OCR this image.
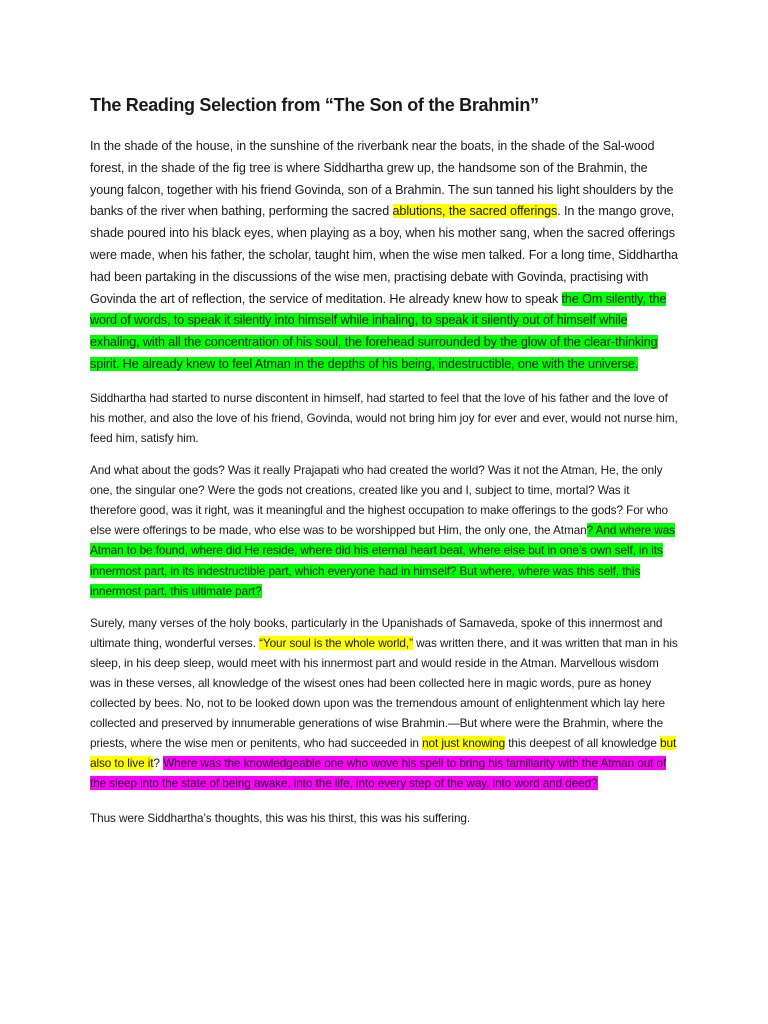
The Reading Selection from “The Son of the Brahmin”

In the shade of the house, in the sunshine of the riverbank near the boats, in the shade of the Sal-wood forest, in the shade of the fig tree is where Siddhartha grew up, the handsome son of the Brahmin, the young falcon, together with his friend Govinda, son of a Brahmin. The sun tanned his light shoulders by the banks of the river when bathing, performing the sacred ablutions, the sacred offerings. In the mango grove, shade poured into his black eyes, when playing as a boy, when his mother sang, when the sacred offerings were made, when his father, the scholar, taught him, when the wise men talked. For a long time, Siddhartha had been partaking in the discussions of the wise men, practising debate with Govinda, practising with Govinda the art of reflection, the service of meditation. He already knew how to speak the Om silently, the word of words, to speak it silently into himself while inhaling, to speak it silently out of himself while exhaling, with all the concentration of his soul, the forehead surrounded by the glow of the clear-thinking spirit. He already knew to feel Atman in the depths of his being, indestructible, one with the universe.

Siddhartha had started to nurse discontent in himself, had started to feel that the love of his father and the love of his mother, and also the love of his friend, Govinda, would not bring him joy for ever and ever, would not nurse him, feed him, satisfy him.

And what about the gods? Was it really Prajapati who had created the world? Was it not the Atman, He, the only one, the singular one? Were the gods not creations, created like you and I, subject to time, mortal? Was it therefore good, was it right, was it meaningful and the highest occupation to make offerings to the gods? For who else were offerings to be made, who else was to be worshipped but Him, the only one, the Atman? And where was Atman to be found, where did He reside, where did his eternal heart beat, where else but in one’s own self, in its innermost part, in its indestructible part, which everyone had in himself? But where, where was this self, this innermost part, this ultimate part?

Surely, many verses of the holy books, particularly in the Upanishads of Samaveda, spoke of this innermost and ultimate thing, wonderful verses. “Your soul is the whole world,” was written there, and it was written that man in his sleep, in his deep sleep, would meet with his innermost part and would reside in the Atman. Marvellous wisdom was in these verses, all knowledge of the wisest ones had been collected here in magic words, pure as honey collected by bees. No, not to be looked down upon was the tremendous amount of enlightenment which lay here collected and preserved by innumerable generations of wise Brahmin.—But where were the Brahmin, where the priests, where the wise men or penitents, who had succeeded in not just knowing this deepest of all knowledge but also to live it? Where was the knowledgeable one who wove his spell to bring his familiarity with the Atman out of the sleep into the state of being awake, into the life, into every step of the way, into word and deed?

Thus were Siddhartha’s thoughts, this was his thirst, this was his suffering.
